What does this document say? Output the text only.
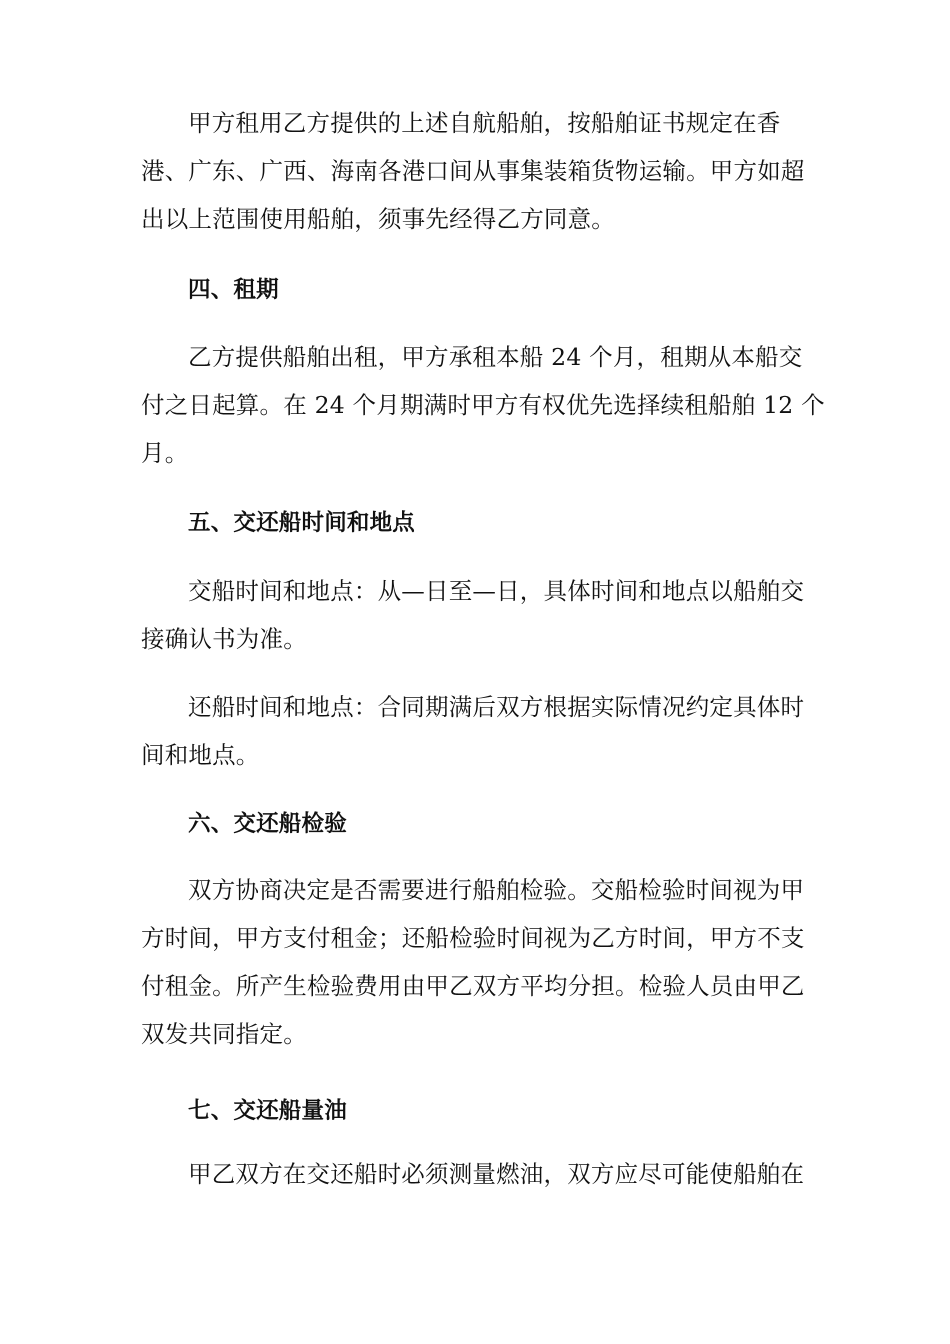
甲方租用乙方提供的上述自航船舶，按船舶证书规定在香
港、广东、广西、海南各港口间从事集装箱货物运输。甲方如超
出以上范围使用船舶，须事先经得乙方同意。
四、租期
乙方提供船舶出租，甲方承租本船 24 个月，租期从本船交
付之日起算。在 24 个月期满时甲方有权优先选择续租船舶 12 个
月。
五、交还船时间和地点
交船时间和地点：从—日至—日，具体时间和地点以船舶交
接确认书为准。
还船时间和地点：合同期满后双方根据实际情况约定具体时
间和地点。
六、交还船检验
双方协商决定是否需要进行船舶检验。交船检验时间视为甲
方时间，甲方支付租金；还船检验时间视为乙方时间，甲方不支
付租金。所产生检验费用由甲乙双方平均分担。检验人员由甲乙
双发共同指定。
七、交还船量油
甲乙双方在交还船时必须测量燃油，双方应尽可能使船舶在
